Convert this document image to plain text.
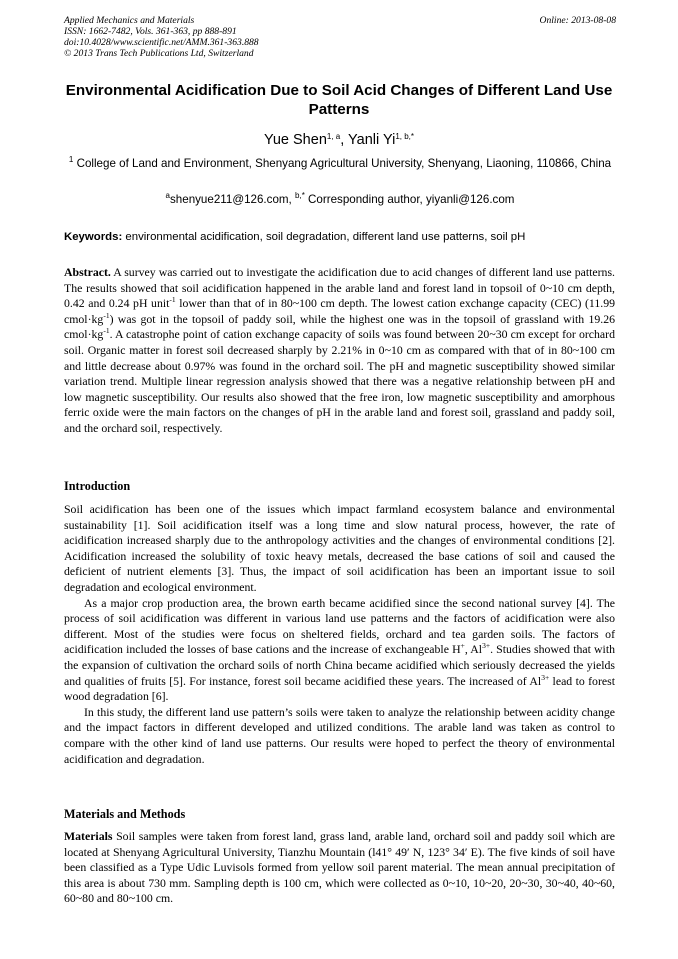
Applied Mechanics and Materials
ISSN: 1662-7482, Vols. 361-363, pp 888-891
doi:10.4028/www.scientific.net/AMM.361-363.888
© 2013 Trans Tech Publications Ltd, Switzerland
Online: 2013-08-08
Environmental Acidification Due to Soil Acid Changes of Different Land Use Patterns
Yue Shen$^{1, a}$, Yanli $Yi^{1, b,*}$
$^1$ College of Land and Environment, Shenyang Agricultural University, Shenyang, Liaoning, 110866, China
$^a$shenyue211@126.com, $^{b,*}$ Corresponding author, yiyanli@126.com
Keywords: environmental acidification, soil degradation, different land use patterns, soil pH

Abstract. A survey was carried out to investigate the acidification due to acid changes of different land use patterns. The results showed that soil acidification happened in the arable land and forest land in topsoil of 0~10 cm depth, 0.42 and 0.24 pH unit$^{-1}$ lower than that of in 80~100 cm depth. The lowest cation exchange capacity (CEC) (11.99 $cmol\cdot kg^{-1}$) was got in the topsoil of paddy soil, while the highest one was in the topsoil of grassland with 19.26 $cmol\cdot kg^{-1}$. A catastrophe point of cation exchange capacity of soils was found between 20~30 cm except for orchard soil. Organic matter in forest soil decreased sharply by 2.21% in 0~10 cm as compared with that of in 80~100 cm and little decrease about 0.97% was found in the orchard soil. The pH and magnetic susceptibility showed similar variation trend. Multiple linear regression analysis showed that there was a negative relationship between pH and low magnetic susceptibility. Our results also showed that the free iron, low magnetic susceptibility and amorphous ferric oxide were the main factors on the changes of pH in the arable land and forest soil, grassland and paddy soil, and the orchard soil, respectively.

Introduction

Soil acidification has been one of the issues which impact farmland ecosystem balance and environmental sustainability [1]. Soil acidification itself was a long time and slow natural process, however, the rate of acidification increased sharply due to the anthropology activities and the changes of environmental conditions [2]. Acidification increased the solubility of toxic heavy metals, decreased the base cations of soil and caused the deficient of nutrient elements [3]. Thus, the impact of soil acidification has been an important issue to soil degradation and ecological environment.

As a major crop production area, the brown earth became acidified since the second national survey [4]. The process of soil acidification was different in various land use patterns and the factors of acidification were also different. Most of the studies were focus on sheltered fields, orchard and tea garden soils. The factors of acidification included the losses of base cations and the increase of exchangeable H+, $Al^{3+}$. Studies showed that with the expansion of cultivation the orchard soils of north China became acidified which seriously decreased the yields and qualities of fruits [5]. For instance, forest soil became acidified these years. The increased of $Al^{3+}$ lead to forest wood degradation [6].

In this study, the different land use pattern’s soils were taken to analyze the relationship between acidity change and the impact factors in different developed and utilized conditions. The arable land was taken as control to compare with the other kind of land use patterns. Our results were hoped to perfect the theory of environmental acidification and degradation.

Materials and Methods

Materials Soil samples were taken from forest land, grass land, arable land, orchard soil and paddy soil which are located at Shenyang Agricultural University, Tianzhu Mountain (l41° 49′ N, 123° 34′ E). The five kinds of soil have been classified as a Type Udic Luvisols formed from yellow soil parent material. The mean annual precipitation of this area is about 730 mm. Sampling depth is 100 cm, which were collected as 0~10, 10~20, 20~30, 30~40, 40~60, 60~80 and 80~100 cm.
